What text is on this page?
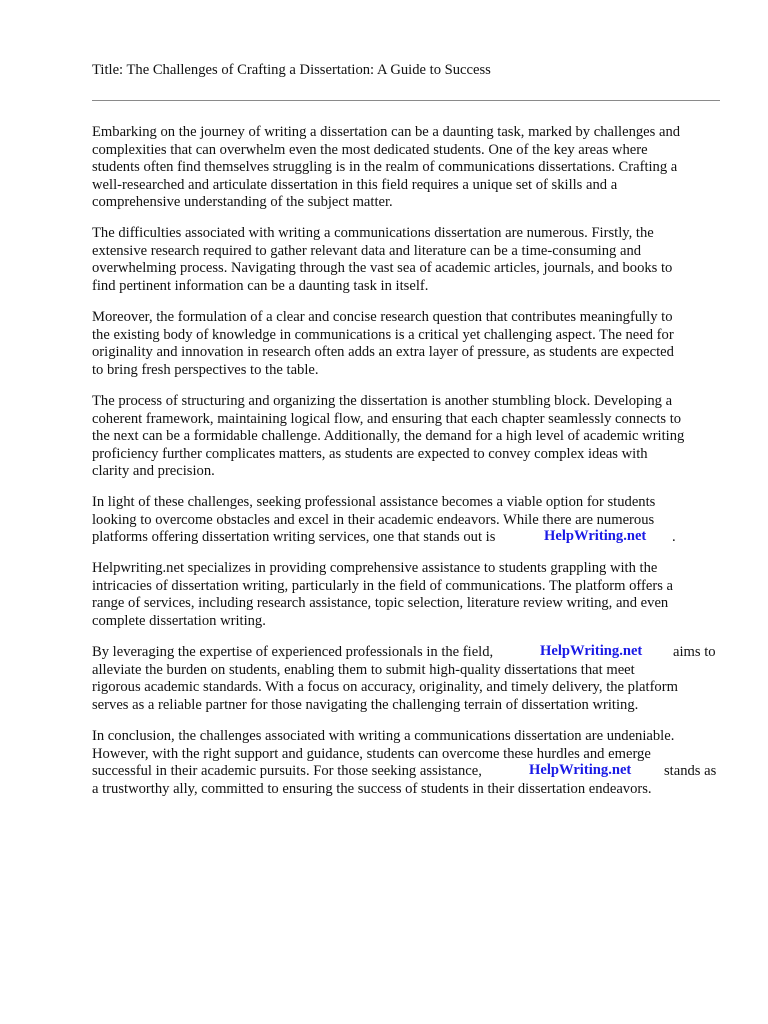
Title: The Challenges of Crafting a Dissertation: A Guide to Success

Embarking on the journey of writing a dissertation can be a daunting task, marked by challenges and
complexities that can overwhelm even the most dedicated students. One of the key areas where
students often find themselves struggling is in the realm of communications dissertations. Crafting a
well-researched and articulate dissertation in this field requires a unique set of skills and a
comprehensive understanding of the subject matter.

The difficulties associated with writing a communications dissertation are numerous. Firstly, the
extensive research required to gather relevant data and literature can be a time-consuming and
overwhelming process. Navigating through the vast sea of academic articles, journals, and books to
find pertinent information can be a daunting task in itself.

Moreover, the formulation of a clear and concise research question that contributes meaningfully to
the existing body of knowledge in communications is a critical yet challenging aspect. The need for
originality and innovation in research often adds an extra layer of pressure, as students are expected
to bring fresh perspectives to the table.

The process of structuring and organizing the dissertation is another stumbling block. Developing a
coherent framework, maintaining logical flow, and ensuring that each chapter seamlessly connects to
the next can be a formidable challenge. Additionally, the demand for a high level of academic writing
proficiency further complicates matters, as students are expected to convey complex ideas with
clarity and precision.

In light of these challenges, seeking professional assistance becomes a viable option for students
looking to overcome obstacles and excel in their academic endeavors. While there are numerous
platforms offering dissertation writing services, one that stands out is	HelpWriting.net .

Helpwriting.net specializes in providing comprehensive assistance to students grappling with the
intricacies of dissertation writing, particularly in the field of communications. The platform offers a
range of services, including research assistance, topic selection, literature review writing, and even
complete dissertation writing.

By leveraging the expertise of experienced professionals in the field,	HelpWriting.net aims to
alleviate the burden on students, enabling them to submit high-quality dissertations that meet
rigorous academic standards. With a focus on accuracy, originality, and timely delivery, the platform
serves as a reliable partner for those navigating the challenging terrain of dissertation writing.

In conclusion, the challenges associated with writing a communications dissertation are undeniable.
However, with the right support and guidance, students can overcome these hurdles and emerge
successful in their academic pursuits. For those seeking assistance,	HelpWriting.net stands as
a trustworthy ally, committed to ensuring the success of students in their dissertation endeavors.
